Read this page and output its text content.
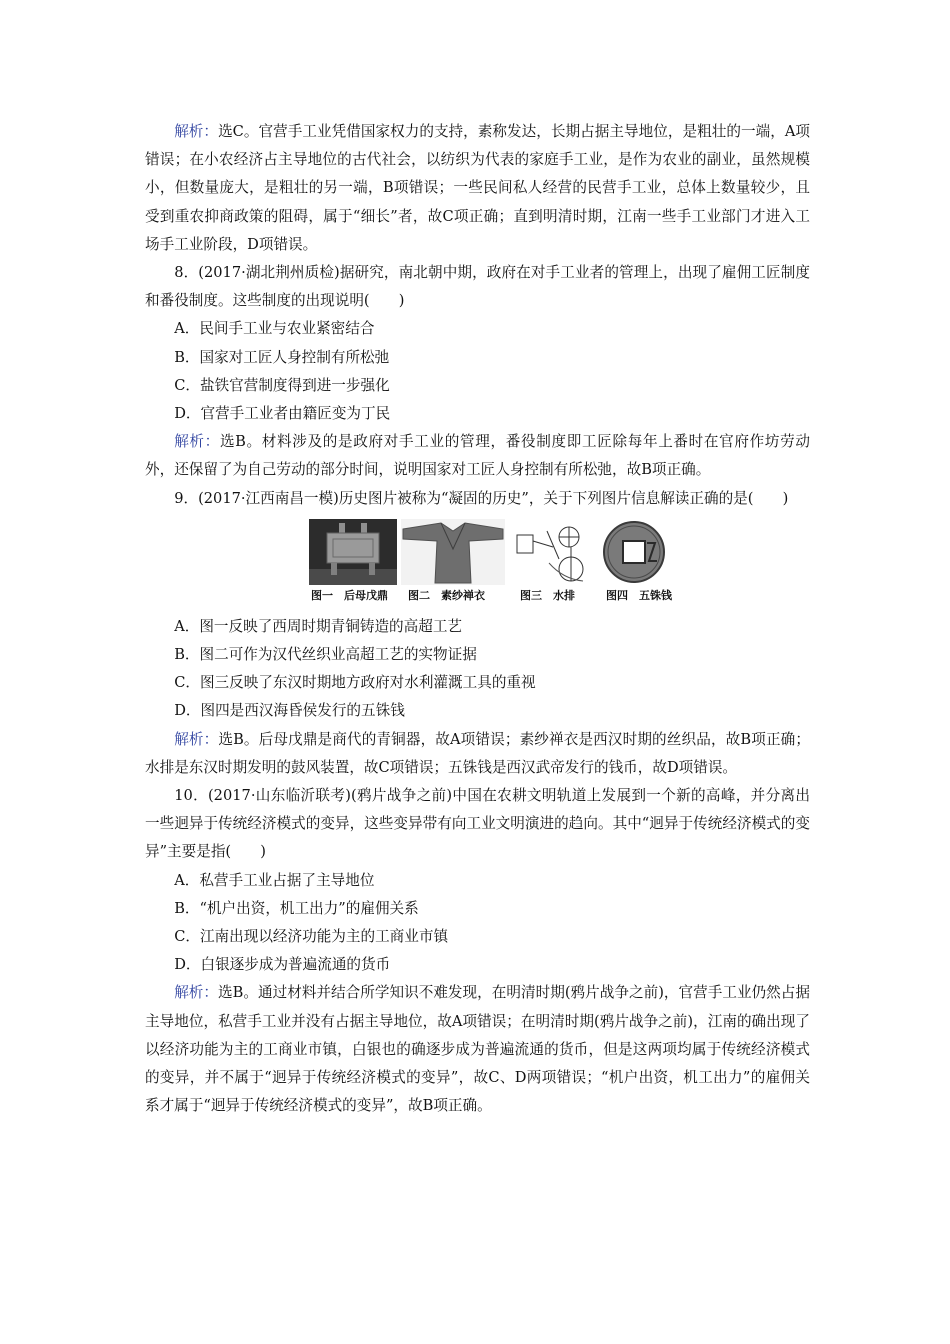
解析：选C。官营手工业凭借国家权力的支持，素称发达，长期占据主导地位，是粗壮的一端，A项错误；在小农经济占主导地位的古代社会，以纺织为代表的家庭手工业，是作为农业的副业，虽然规模小，但数量庞大，是粗壮的另一端，B项错误；一些民间私人经营的民营手工业，总体上数量较少，且受到重农抑商政策的阻碍，属于“细长”者，故C项正确；直到明清时期，江南一些手工业部门才进入工场手工业阶段，D项错误。

8．(2017·湖北荆州质检)据研究，南北朝中期，政府在对手工业者的管理上，出现了雇佣工匠制度和番役制度。这些制度的出现说明(　　)

A．民间手工业与农业紧密结合

B．国家对工匠人身控制有所松弛

C．盐铁官营制度得到进一步强化

D．官营手工业者由籍匠变为丁民

解析：选B。材料涉及的是政府对手工业的管理，番役制度即工匠除每年上番时在官府作坊劳动外，还保留了为自己劳动的部分时间，说明国家对工匠人身控制有所松弛，故B项正确。

9．(2017·江西南昌一模)历史图片被称为“凝固的历史”，关于下列图片信息解读正确的是(　　)

图一　后母戊鼎 图二　素纱禅衣	图三　水排	图四　五铢钱

A．图一反映了西周时期青铜铸造的高超工艺

B．图二可作为汉代丝织业高超工艺的实物证据

C．图三反映了东汉时期地方政府对水利灌溉工具的重视

D．图四是西汉海昏侯发行的五铢钱

解析：选B。后母戊鼎是商代的青铜器，故A项错误；素纱禅衣是西汉时期的丝织品，故B项正确；水排是东汉时期发明的鼓风装置，故C项错误；五铢钱是西汉武帝发行的钱币，故D项错误。

10．(2017·山东临沂联考)(鸦片战争之前)中国在农耕文明轨道上发展到一个新的高峰，并分离出一些迥异于传统经济模式的变异，这些变异带有向工业文明演进的趋向。其中“迥异于传统经济模式的变异”主要是指(　　)

A．私营手工业占据了主导地位

B．“机户出资，机工出力”的雇佣关系

C．江南出现以经济功能为主的工商业市镇

D．白银逐步成为普遍流通的货币

解析：选B。通过材料并结合所学知识不难发现，在明清时期(鸦片战争之前)，官营手工业仍然占据主导地位，私营手工业并没有占据主导地位，故A项错误；在明清时期(鸦片战争之前)，江南的确出现了以经济功能为主的工商业市镇，白银也的确逐步成为普遍流通的货币，但是这两项均属于传统经济模式的变异，并不属于“迥异于传统经济模式的变异”，故C、D两项错误；“机户出资，机工出力”的雇佣关系才属于“迥异于传统经济模式的变异”，故B项正确。
